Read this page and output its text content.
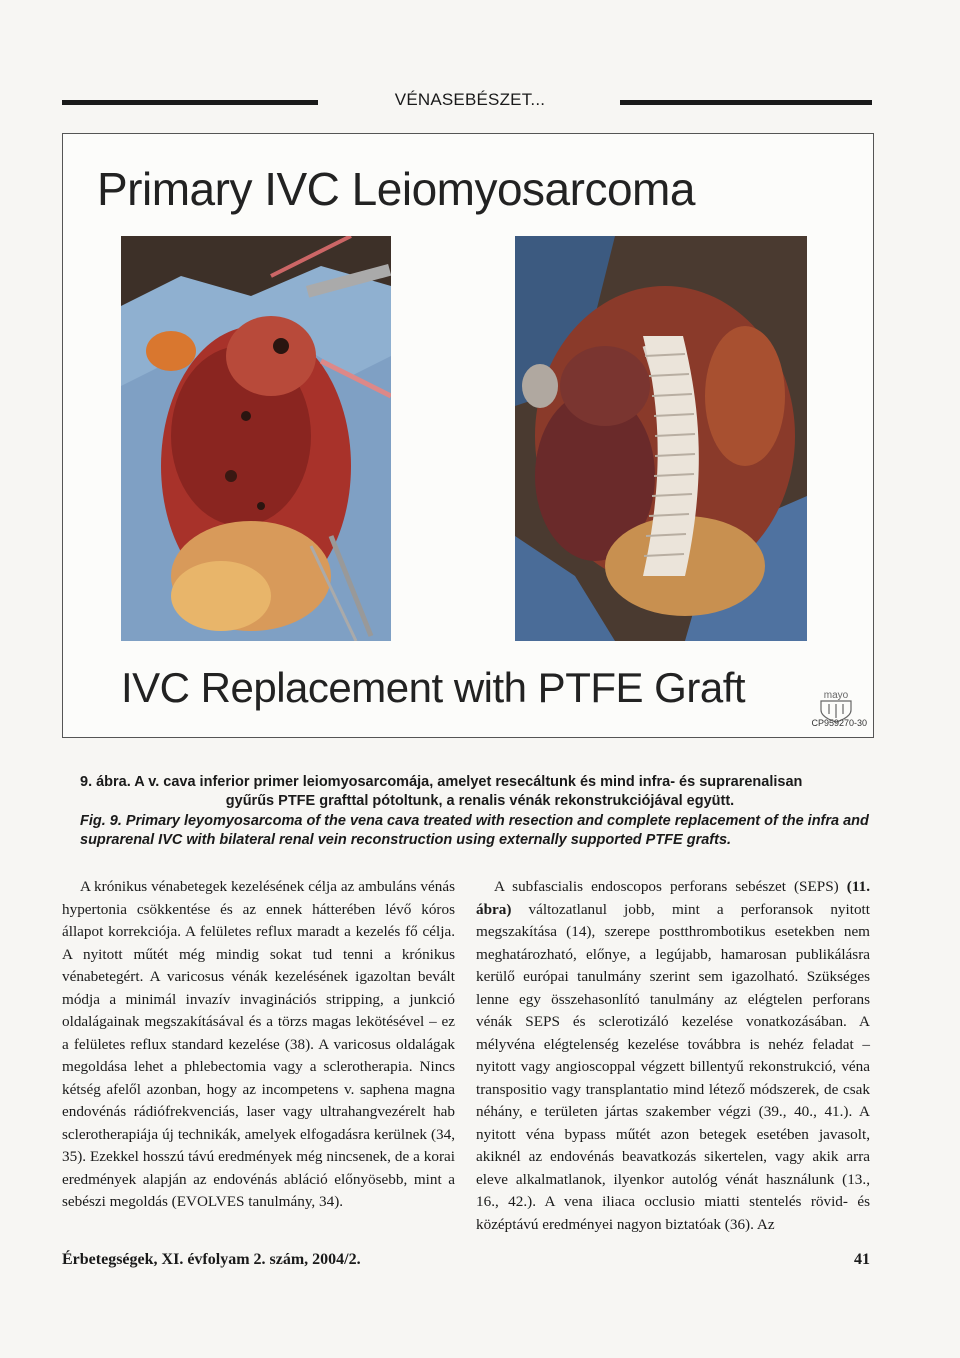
VÉNASEBÉSZET...
Primary IVC Leiomyosarcoma
IVC Replacement with PTFE Graft	mayo
CP959270-30
9. ábra. A v. cava inferior primer leiomyosarcomája, amelyet reseсáltunk és mind infra- és suprarenalisan
gyűrűs PTFE grafttal pótoltunk, a renalis vénák rekonstrukciójával együtt.
Fig. 9. Primary leyomyosarcoma of the vena cava treated with resection and complete replacement of the infra and suprarenal IVC with bilateral renal vein reconstruction using externally supported PTFE grafts.

A krónikus vénabetegek kezelésének célja az ambuláns vénás hypertonia csökkentése és az ennek hátterében lévő kóros állapot korrekciója. A felületes reflux maradt a kezelés fő célja. A nyitott műtét még mindig sokat tud tenni a krónikus vénabetegért. A varicosus vénák kezelésének igazoltan bevált módja a minimál invazív invaginációs stripping, a junkció oldalágainak megszakításával és a törzs magas lekötésével – ez a felületes reflux standard kezelése (38). A varicosus oldalágak megoldása lehet a phlebectomia vagy a sclerotherapia. Nincs kétség afelől azonban, hogy az incompetens v. saphena magna endovénás rádiófrekvenciás, laser vagy ultrahangvezérelt hab sclerotherapiája új technikák, amelyek elfogadásra kerülnek (34, 35). Ezekkel hosszú távú eredmények még nincsenek, de a korai eredmények alapján az endovénás abláció előnyösebb, mint a sebészi megoldás (EVOLVES tanulmány, 34).

A subfascialis endoscopos perforans sebészet (SEPS) (11. ábra) változatlanul jobb, mint a perforansok nyitott megszakítása (14), szerepe postthrombotikus esetekben nem meghatározható, előnye, a legújabb, hamarosan publikálásra kerülő európai tanulmány szerint sem igazolható. Szükséges lenne egy összehasonlító tanulmány az elégtelen perforans vénák SEPS és sclerotizáló kezelése vonatkozásában. A mélyvéna elégtelenség kezelése továbbra is nehéz feladat – nyitott vagy angioscoppal végzett billentyű rekonstrukció, véna transpositio vagy transplantatio mind létező módszerek, de csak néhány, e területen jártas szakember végzi (39., 40., 41.). A nyitott véna bypass műtét azon betegek esetében javasolt, akiknél az endovénás beavatkozás sikertelen, vagy akik arra eleve alkalmatlanok, ilyenkor autológ vénát használunk (13., 16., 42.). A vena iliaca occlusio miatti stentelés rövid- és középtávú eredményei nagyon biztatóak (36). Az

Érbetegségek, XI. évfolyam 2. szám, 2004/2.	41
